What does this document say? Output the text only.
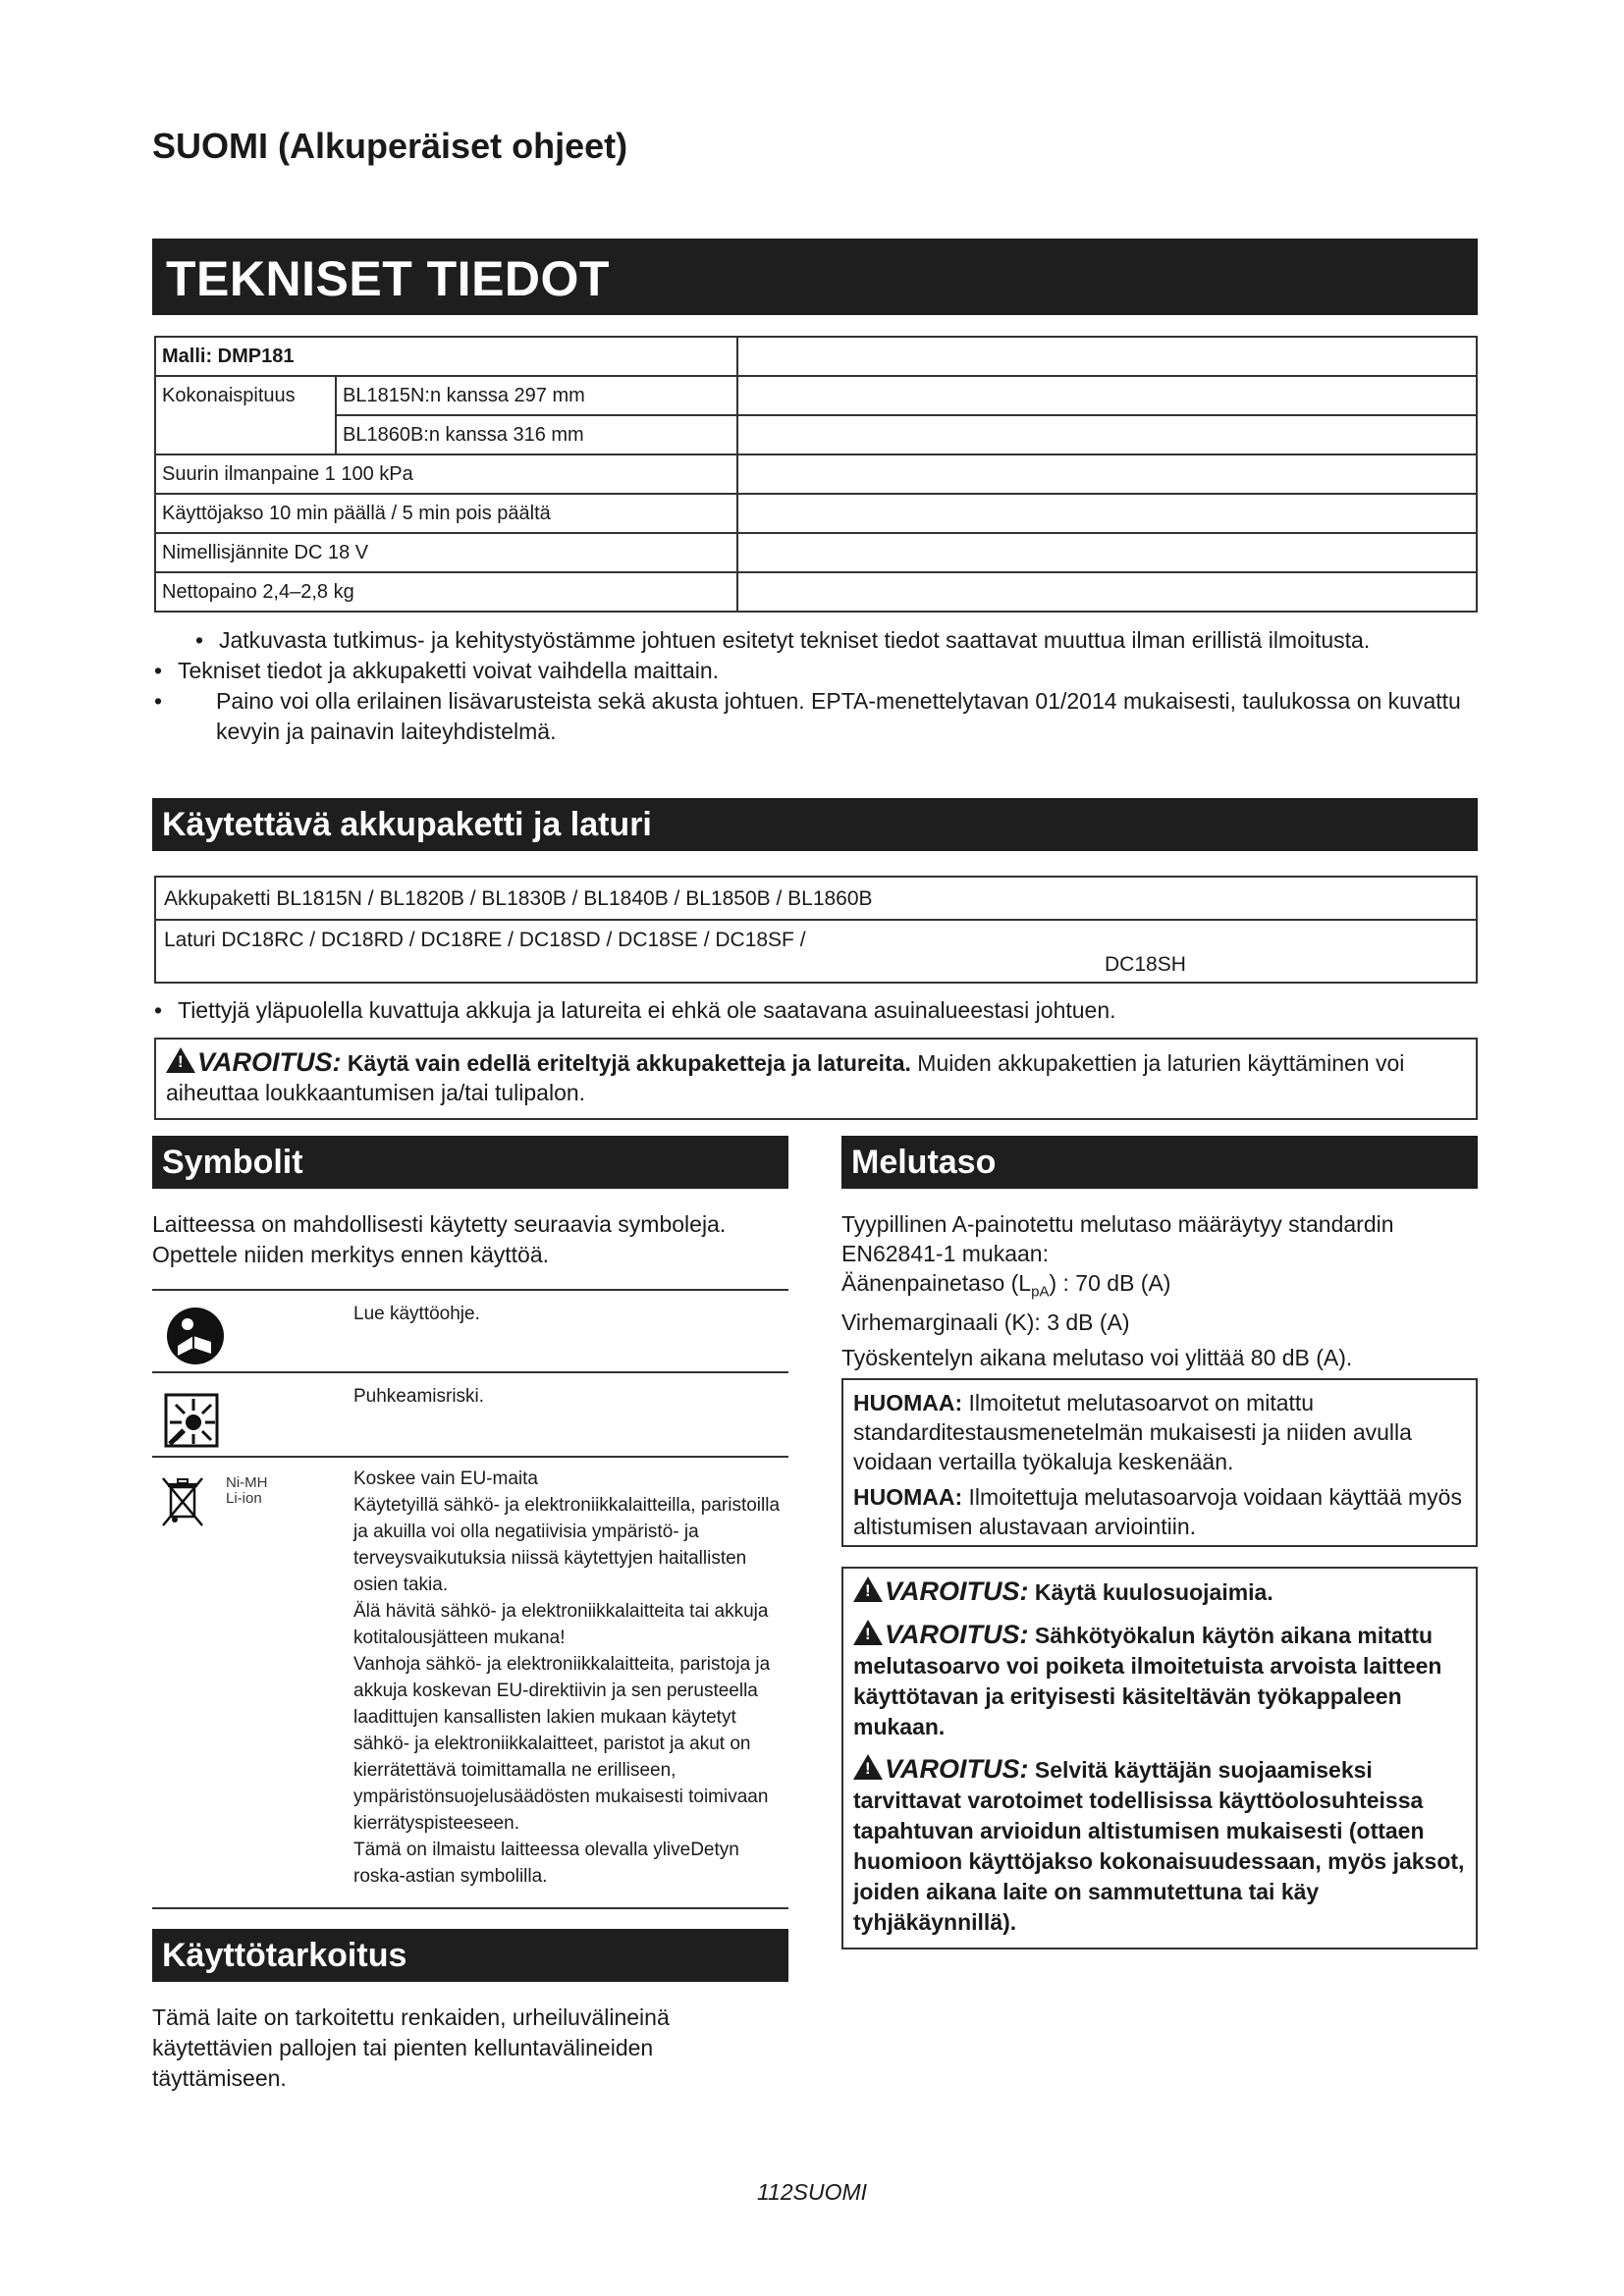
SUOMI (Alkuperäiset ohjeet)
TEKNISET TIEDOT
Malli: DMP181		
Kokonaispituus	BL1815N:n kanssa 297 mm	
	BL1860B:n kanssa 316 mm	
Suurin ilmanpaine 1 100 kPa		
Käyttöjakso 10 min päällä / 5 min pois päältä		
Nimellisjännite DC 18 V		
Nettopaino 2,4–2,8 kg		
• Jatkuvasta tutkimus- ja kehitystyöstämme johtuen esitetyt tekniset tiedot saattavat muuttua ilman erillistä ilmoitusta.
• Tekniset tiedot ja akkupaketti voivat vaihdella maittain.
• Paino voi olla erilainen lisävarusteista sekä akusta johtuen. EPTA-menettelytavan 01/2014 mukaisesti, taulukossa on kuvattu kevyin ja painavin laiteyhdistelmä.
Käytettävä akkupaketti ja laturi
Akkupaketti BL1815N / BL1820B / BL1830B / BL1840B / BL1850B / BL1860B
Laturi DC18RC / DC18RD / DC18RE / DC18SD / DC18SE / DC18SF /
DC18SH
• Tiettyjä yläpuolella kuvattuja akkuja ja latureita ei ehkä ole saatavana asuinalueestasi johtuen.
!VAROITUS: Käytä vain edellä eriteltyjä akkupaketteja ja latureita. Muiden akkupakettien ja laturien käyttäminen voi aiheuttaa loukkaantumisen ja/tai tulipalon.
Symbolit
Laitteessa on mahdollisesti käytetty seuraavia symboleja. Opettele niiden merkitys ennen käyttöä.
Lue käyttöohje.
Puhkeamisriski.
Ni-MH
Li-ion
Koskee vain EU-maita
Käytetyillä sähkö- ja elektroniikkalaitteilla, paristoilla ja akuilla voi olla negatiivisia ympäristö- ja terveysvaikutuksia niissä käytettyjen haitallisten osien takia.
Älä hävitä sähkö- ja elektroniikkalaitteita tai akkuja kotitalousjätteen mukana!
Vanhoja sähkö- ja elektroniikkalaitteita, paristoja ja akkuja koskevan EU-direktiivin ja sen perusteella laadittujen kansallisten lakien mukaan käytetyt sähkö- ja elektroniikkalaitteet, paristot ja akut on kierrätettävä toimittamalla ne erilliseen, ympäristönsuojelusäädösten mukaisesti toimivaan kierrätyspisteeseen.
Tämä on ilmaistu laitteessa olevalla yliveDetyn roska-astian symbolilla.
Käyttötarkoitus
Tämä laite on tarkoitettu renkaiden, urheiluvälineinä käytettävien pallojen tai pienten kelluntavälineiden täyttämiseen.
Melutaso
Tyypillinen A-painotettu melutaso määräytyy standardin EN62841-1 mukaan:
Äänenpainetaso $(L_{pA})$ : 70 dB (A)
Virhemarginaali (K): 3 dB (A)
Työskentelyn aikana melutaso voi ylittää 80 dB (A).

HUOMAA: Ilmoitetut melutasoarvot on mitattu standarditestausmenetelmän mukaisesti ja niiden avulla voidaan vertailla työkaluja keskenään.

HUOMAA: Ilmoitettuja melutasoarvoja voidaan käyttää myös altistumisen alustavaan arviointiin.

!VAROITUS: Käytä kuulosuojaimia.

!VAROITUS: Sähkötyökalun käytön aikana mitattu melutasoarvo voi poiketa ilmoitetuista arvoista laitteen käyttötavan ja erityisesti käsiteltävän työkappaleen mukaan.

!VAROITUS: Selvitä käyttäjän suojaamiseksi tarvittavat varotoimet todellisissa käyttöolosuhteissa tapahtuvan arvioidun altistumisen mukaisesti (ottaen huomioon käyttöjakso kokonaisuudessaan, myös jaksot, joiden aikana laite on sammutettuna tai käy tyhjäkäynnillä).

112SUOMI
